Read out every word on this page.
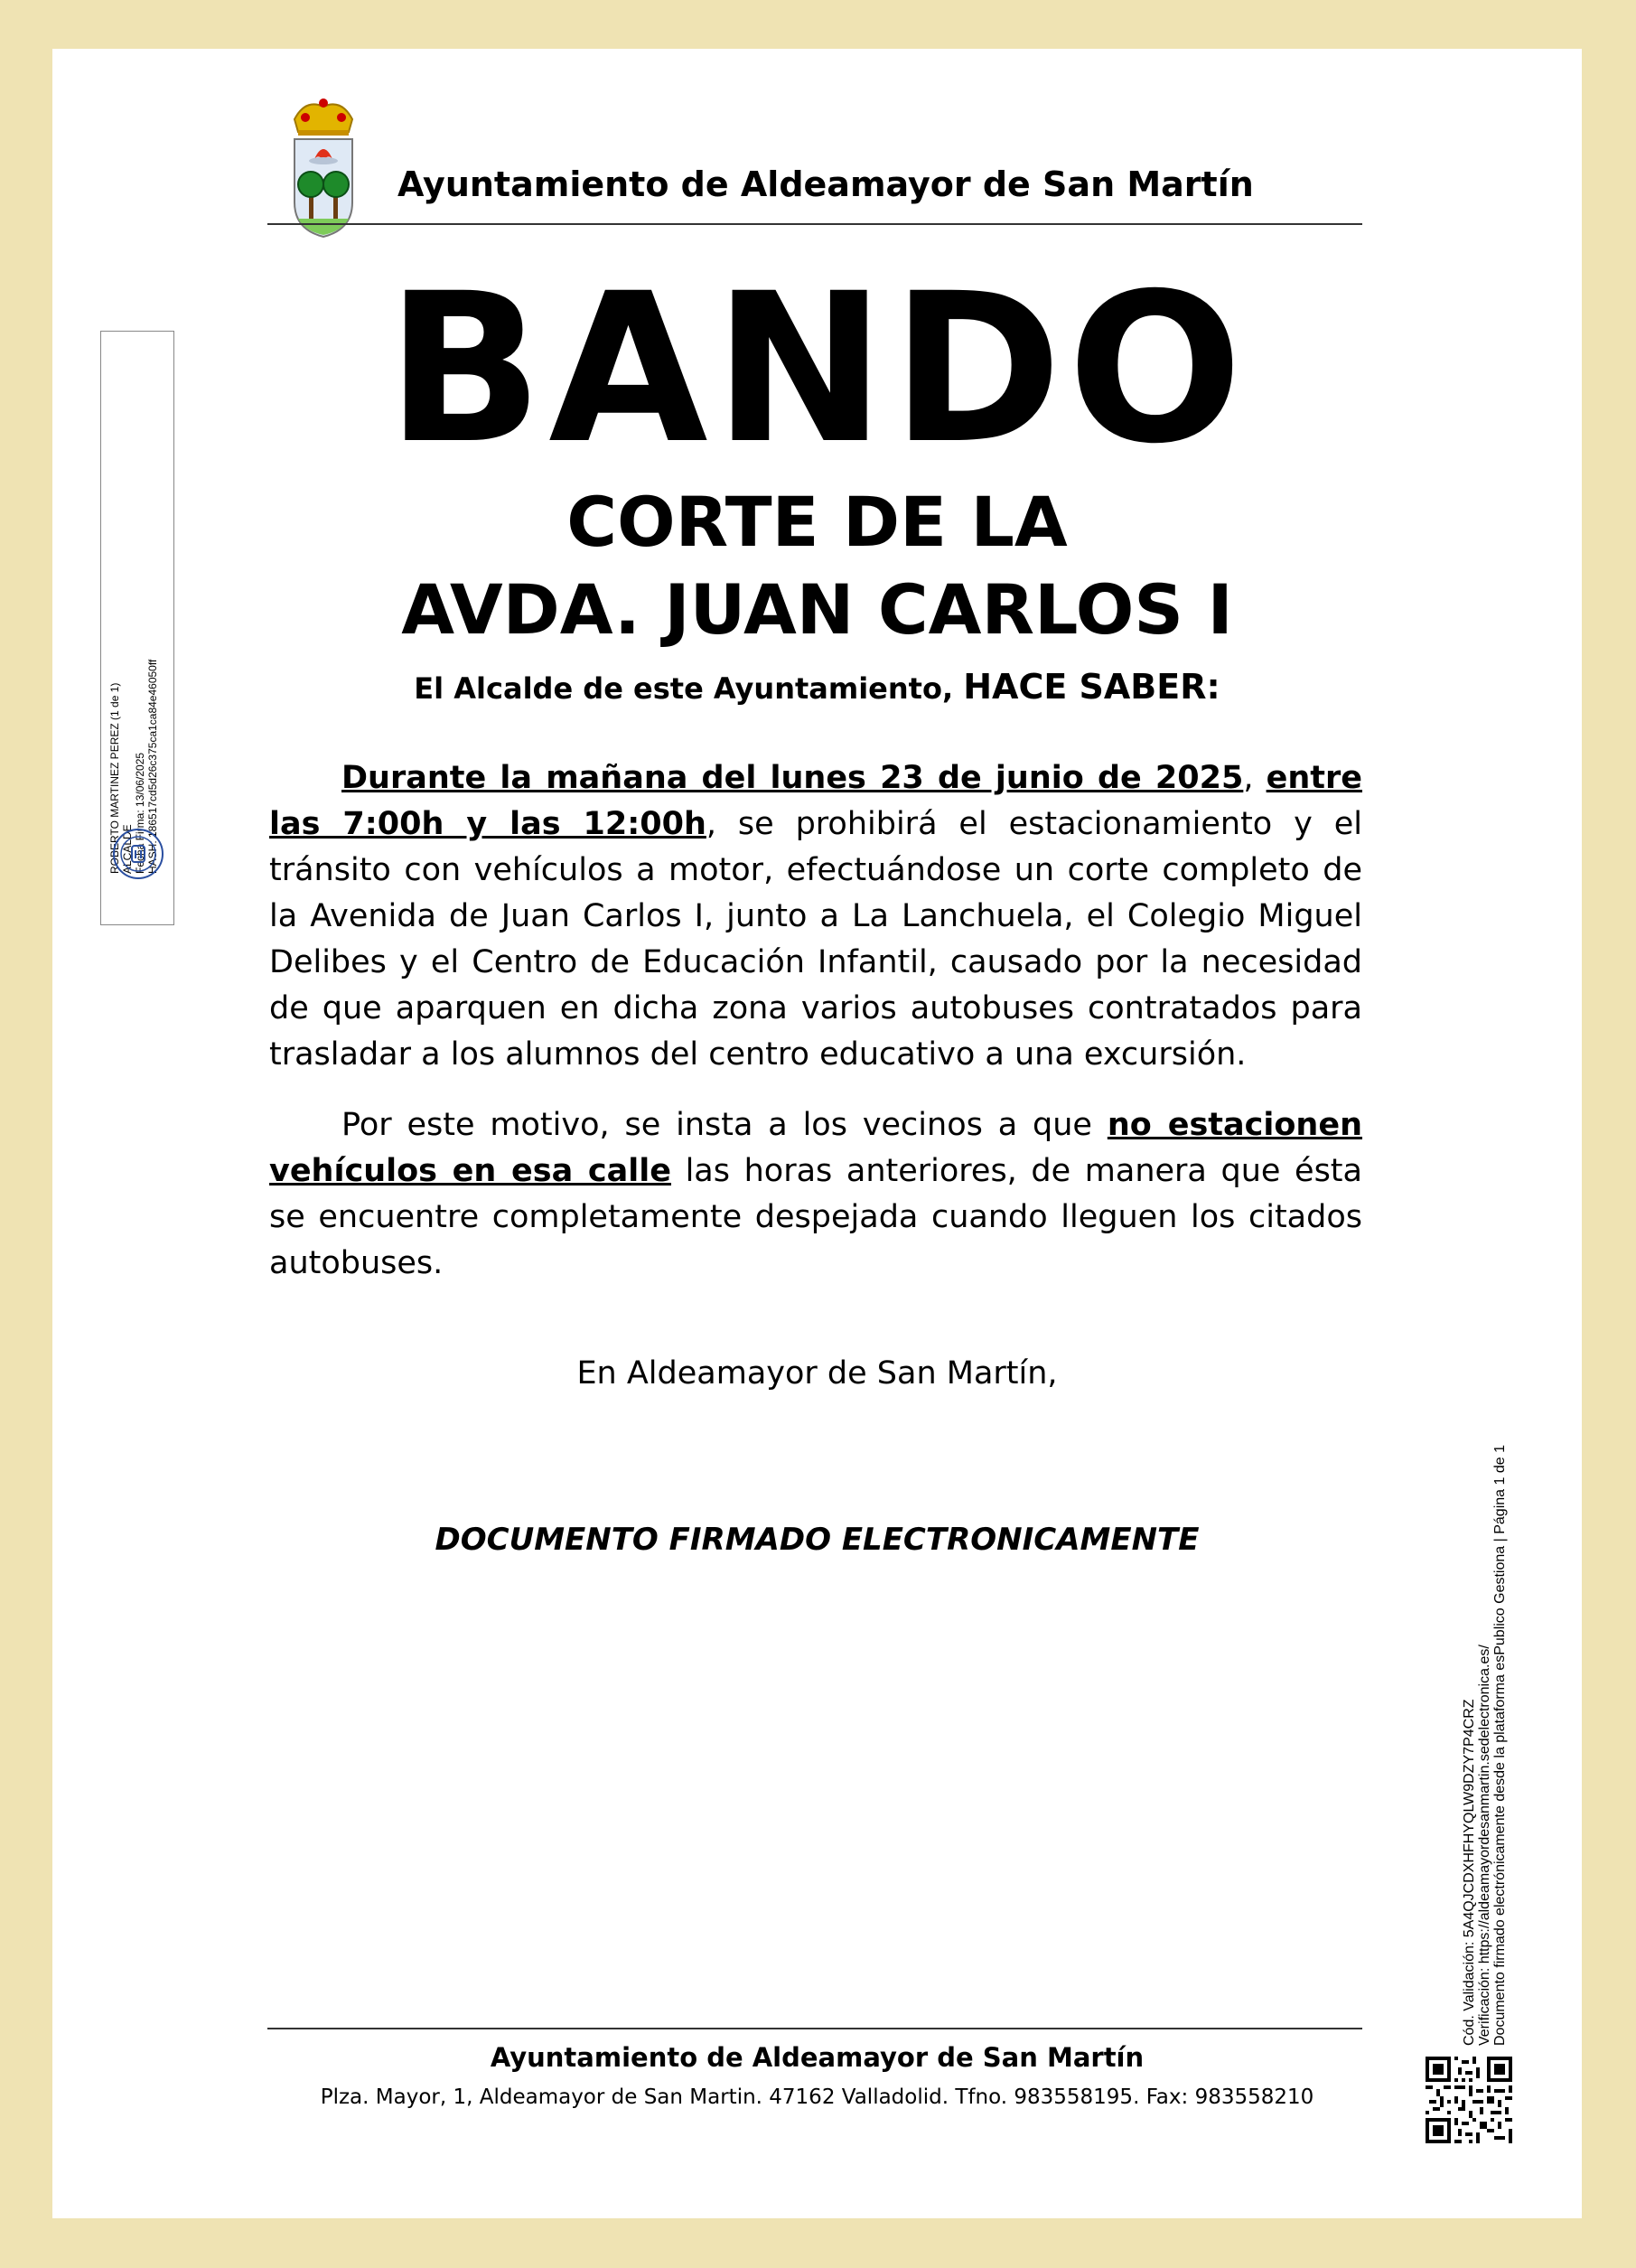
Ayuntamiento de Aldeamayor de San Martín
BANDO
CORTE DE LA
AVDA. JUAN CARLOS I
El Alcalde de este Ayuntamiento, HACE SABER:

Durante la mañana del lunes 23 de junio de 2025, entre las 7:00h y las 12:00h, se prohibirá el estacionamiento y el tránsito con vehículos a motor, efectuándose un corte completo de la Avenida de Juan Carlos I, junto a La Lanchuela, el Colegio Miguel Delibes y el Centro de Educación Infantil, causado por la necesidad de que aparquen en dicha zona varios autobuses contratados para trasladar a los alumnos del centro educativo a una excursión.

Por este motivo, se insta a los vecinos a que no estacionen vehículos en esa calle las horas anteriores, de manera que ésta se encuentre completamente despejada cuando lleguen los citados autobuses.

En Aldeamayor de San Martín,
DOCUMENTO FIRMADO ELECTRONICAMENTE
Ayuntamiento de Aldeamayor de San Martín
Plza. Mayor, 1, Aldeamayor de San Martin. 47162 Valladolid. Tfno. 983558195. Fax: 983558210
ROBERTO MARTINEZ PEREZ (1 de 1) ALCALDE Fecha Firma: 13/06/2025 HASH: 186517cd5d26c375ca1ca84e46050ff
Cód. Validación: 5A4QJCDXHFHYQLW9DZY7P4CRZ Verificación: https://aldeamayordesanmartin.sedelectronica.es/ Documento firmado electrónicamente desde la plataforma esPublico Gestiona | Página 1 de 1
